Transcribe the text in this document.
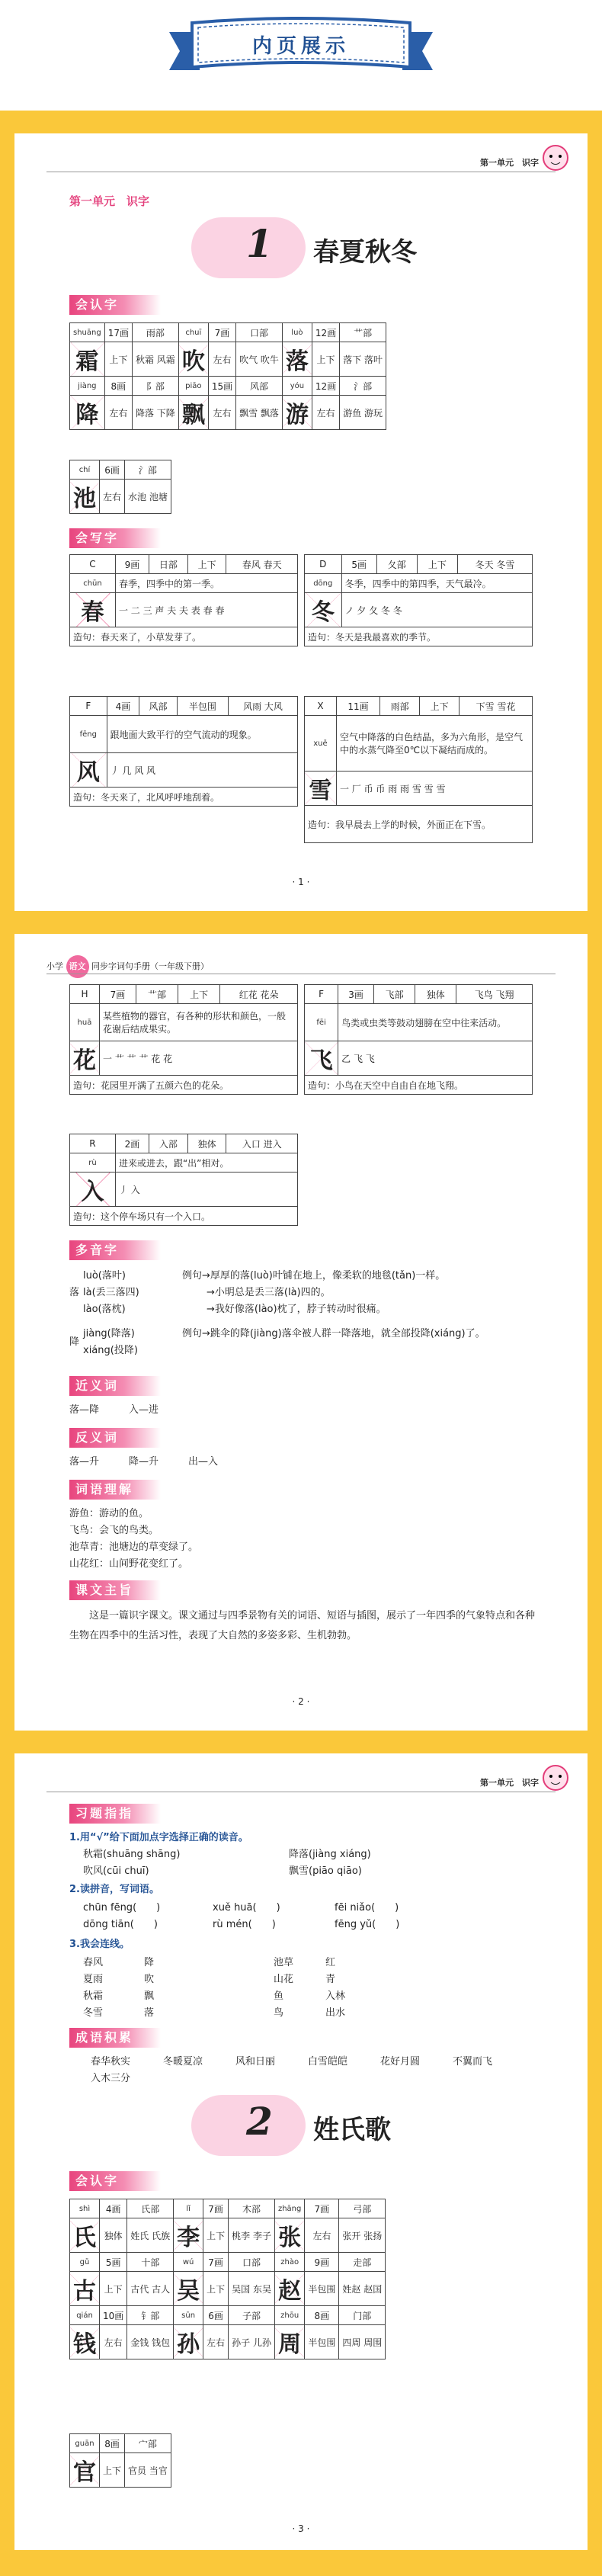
内页展示
第一单元　识字
第一单元　识字
1 春夏秋冬
会认字
shuāng	17画	雨部	chuī	7画	口部	luò	12画	艹部
霜	上下	秋霜 风霜	吹	左右	吹气 吹牛	落	上下	落下 落叶
jiàng	8画	阝部	piāo	15画	风部	yóu	12画	氵部
降	左右	降落 下降	飘	左右	飘雪 飘落	游	左右	游鱼 游玩
chí	6画	氵部
池	左右	水池 池塘
会写字
C	9画	日部	上下	春风 春天
chūn	春季，四季中的第一季。			
春	一 二 三 声 夫 夫 表 春 春			
造句：春天来了，小草发芽了。				
D	5画	夂部	上下	冬天 冬雪
dōng	冬季，四季中的第四季，天气最冷。			
冬	ノ 夕 夂 冬 冬			
造句：冬天是我最喜欢的季节。				
F	4画	风部	半包围	风雨 大风
fēng	跟地面大致平行的空气流动的现象。			
风	丿 几 风 风			
造句：冬天来了，北风呼呼地刮着。				
X	11画	雨部	上下	下雪 雪花
xuě	空气中降落的白色结晶，多为六角形，是空气中的水蒸气降至0℃以下凝结而成的。			
雪	一 厂 币 币 雨 雨 雪 雪 雪			
造句：我早晨去上学的时候，外面正在下雪。				
· 1 ·
小学 语文 同步字词句手册（一年级下册）
H	7画	艹部	上下	红花 花朵
huā	某些植物的器官，有各种的形状和颜色，一般花谢后结成果实。			
花	一 艹 艹 艹 花 花			
造句：花园里开满了五颜六色的花朵。				
F	3画	飞部	独体	飞鸟 飞翔
fēi	鸟类或虫类等鼓动翅膀在空中往来活动。			
飞	乙 飞 飞			
造句：小鸟在天空中自由自在地飞翔。				
R	2画	入部	独体	入口 进入
rù	进来或进去，跟“出”相对。			
入	丿 入			
造句：这个停车场只有一个入口。				
多音字
落
luò(落叶)	例句→厚厚的落(luò)叶铺在地上，像柔软的地毯(tǎn)一样。
là(丢三落四)	→小明总是丢三落(là)四的。
lào(落枕)	→我好像落(lào)枕了，脖子转动时很痛。
降
jiàng(降落)	例句→跳伞的降(jiàng)落伞被人群一降落地，就全部投降(xiáng)了。
xiáng(投降)
近义词
落—降　　　入—进
反义词
落—升　　　降—升　　　出—入
词语理解
游鱼：游动的鱼。
飞鸟：会飞的鸟类。
池草青：池塘边的草变绿了。
山花红：山间野花变红了。
课文主旨
这是一篇识字课文。课文通过与四季景物有关的词语、短语与插图，展示了一年四季的气象特点和各种生物在四季中的生活习性，表现了大自然的多姿多彩、生机勃勃。
· 2 ·
第一单元　识字
习题指指
1.用“√”给下面加点字选择正确的读音。
秋霜(shuāng shāng)	降落(jiàng xiáng)
吹风(cūi chuī)	飘雪(piāo qiāo)
2.读拼音，写词语。
chūn fēng(　　)	xuě huā(　　)	fēi niǎo(　　)
dōng tiān(　　)	rù mén(　　)	fēng yǔ(　　)
3.我会连线。
春风	降
夏雨	吹
秋霜	飘
冬雪	落
池草	红
山花	青
鱼	入林
鸟	出水
成语积累
春华秋实	冬暖夏凉	风和日丽	白雪皑皑	花好月圆	不翼而飞
入木三分
2 姓氏歌
会认字
shì	4画	氏部	lǐ	7画	木部	zhāng	7画	弓部
氏	独体	姓氏 氏族	李	上下	桃李 李子	张	左右	张开 张扬
gǔ	5画	十部	wú	7画	口部	zhào	9画	走部
古	上下	古代 古人	吴	上下	吴国 东吴	赵	半包围	姓赵 赵国
qián	10画	钅部	sūn	6画	子部	zhōu	8画	门部
钱	左右	金钱 钱包	孙	左右	孙子 儿孙	周	半包围	四周 周围
guān	8画	宀部
官	上下	官员 当官
· 3 ·
